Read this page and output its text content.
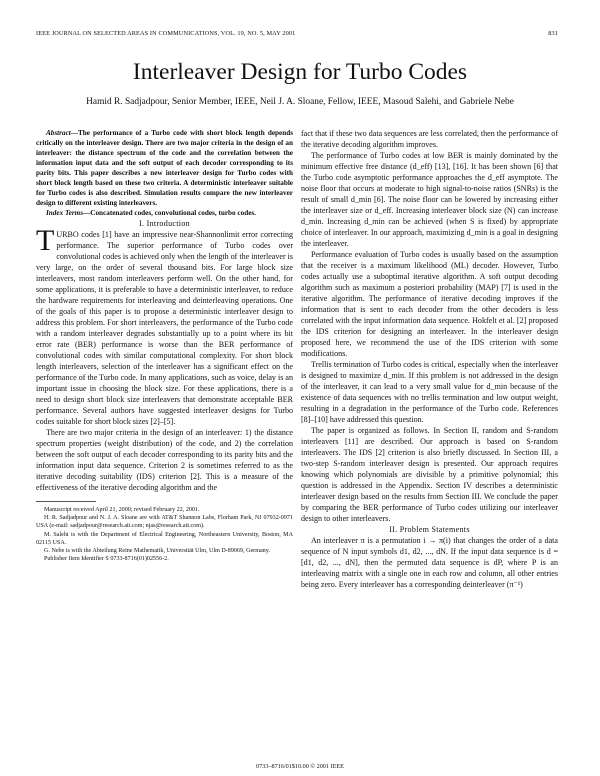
IEEE JOURNAL ON SELECTED AREAS IN COMMUNICATIONS, VOL. 19, NO. 5, MAY 2001	831
Interleaver Design for Turbo Codes
Hamid R. Sadjadpour, Senior Member, IEEE, Neil J. A. Sloane, Fellow, IEEE, Masoud Salehi, and Gabriele Nebe

Abstract—The performance of a Turbo code with short block length depends critically on the interleaver design. There are two major criteria in the design of an interleaver: the distance spectrum of the code and the correlation between the information input data and the soft output of each decoder corresponding to its parity bits. This paper describes a new interleaver design for Turbo codes with short block length based on these two criteria. A deterministic interleaver suitable for Turbo codes is also described. Simulation results compare the new interleaver design to different existing interleavers.

Index Terms—Concatenated codes, convolutional codes, turbo codes.

I. Introduction

TURBO codes [1] have an impressive near-Shannonlimit error correcting performance. The superior performance of Turbo codes over convolutional codes is achieved only when the length of the interleaver is very large, on the order of several thousand bits. For large block size interleavers, most random interleavers perform well. On the other hand, for some applications, it is preferable to have a deterministic interleaver, to reduce the hardware requirements for interleaving and deinterleaving operations. One of the goals of this paper is to propose a deterministic interleaver design to address this problem. For short interleavers, the performance of the Turbo code with a random interleaver degrades substantially up to a point where its bit error rate (BER) performance is worse than the BER performance of convolutional codes with similar computational complexity. For short block length interleavers, selection of the interleaver has a significant effect on the performance of the Turbo code. In many applications, such as voice, delay is an important issue in choosing the block size. For these applications, there is a need to design short block size interleavers that demonstrate acceptable BER performance. Several authors have suggested interleaver designs for Turbo codes suitable for short block sizes [2]–[5].

There are two major criteria in the design of an interleaver: 1) the distance spectrum properties (weight distribution) of the code, and 2) the correlation between the soft output of each decoder corresponding to its parity bits and the information input data sequence. Criterion 2 is sometimes referred to as the iterative decoding suitability (IDS) criterion [2]. This is a measure of the effectiveness of the iterative decoding algorithm and the

Manuscript received April 21, 2000; revised February 22, 2001.

H. R. Sadjadpour and N. J. A. Sloane are with AT&T Shannon Labs, Florham Park, NJ 07932-0971 USA (e-mail: sadjadpour@research.att.com; njas@research.att.com).

M. Salehi is with the Department of Electrical Engineering, Northeastern University, Boston, MA 02115 USA.

G. Nebe is with the Abteilung Reine Mathematik, Universität Ulm, Ulm D-89069, Germany.

Publisher Item Identifier S 0733-8716(01)02556-2.

fact that if these two data sequences are less correlated, then the performance of the iterative decoding algorithm improves.

The performance of Turbo codes at low BER is mainly dominated by the minimum effective free distance (d_eff) [13], [16]. It has been shown [6] that the Turbo code asymptotic performance approaches the d_eff asymptote. The noise floor that occurs at moderate to high signal-to-noise ratios (SNRs) is the result of small d_min [6]. The noise floor can be lowered by increasing either the interleaver size or d_eff. Increasing interleaver block size (N) can increase d_min. Increasing d_min can be achieved (when S is fixed) by appropriate choice of interleaver. In our approach, maximizing d_min is a goal in designing the interleaver.

Performance evaluation of Turbo codes is usually based on the assumption that the receiver is a maximum likelihood (ML) decoder. However, Turbo codes actually use a suboptimal iterative algorithm. A soft output decoding algorithm such as maximum a posteriori probability (MAP) [7] is used in the iterative algorithm. The performance of iterative decoding improves if the information that is sent to each decoder from the other decoders is less correlated with the input information data sequence. Hokfelt et al. [2] proposed the IDS criterion for designing an interleaver. In the interleaver design proposed here, we recommend the use of the IDS criterion with some modifications.

Trellis termination of Turbo codes is critical, especially when the interleaver is designed to maximize d_min. If this problem is not addressed in the design of the interleaver, it can lead to a very small value for d_min because of the existence of data sequences with no trellis termination and low output weight, resulting in a degradation in the performance of the Turbo code. References [8]–[10] have addressed this question.

The paper is organized as follows. In Section II, random and S-random interleavers [11] are described. Our approach is based on S-random interleavers. The IDS [2] criterion is also briefly discussed. In Section III, a two-step S-random interleaver design is presented. Our approach requires knowing which polynomials are divisible by a primitive polynomial; this question is addressed in the Appendix. Section IV describes a deterministic interleaver design based on the results from Section III. We conclude the paper by comparing the BER performance of Turbo codes utilizing our interleaver design to other interleavers.

II. Problem Statements

An interleaver π is a permutation i → π(i) that changes the order of a data sequence of N input symbols d1, d2, ..., dN. If the input data sequence is d = [d1, d2, ..., dN], then the permuted data sequence is dP, where P is an interleaving matrix with a single one in each row and column, all other entries being zero. Every interleaver has a corresponding deinterleaver (π⁻¹)

0733–8716/01$10.00 © 2001 IEEE
